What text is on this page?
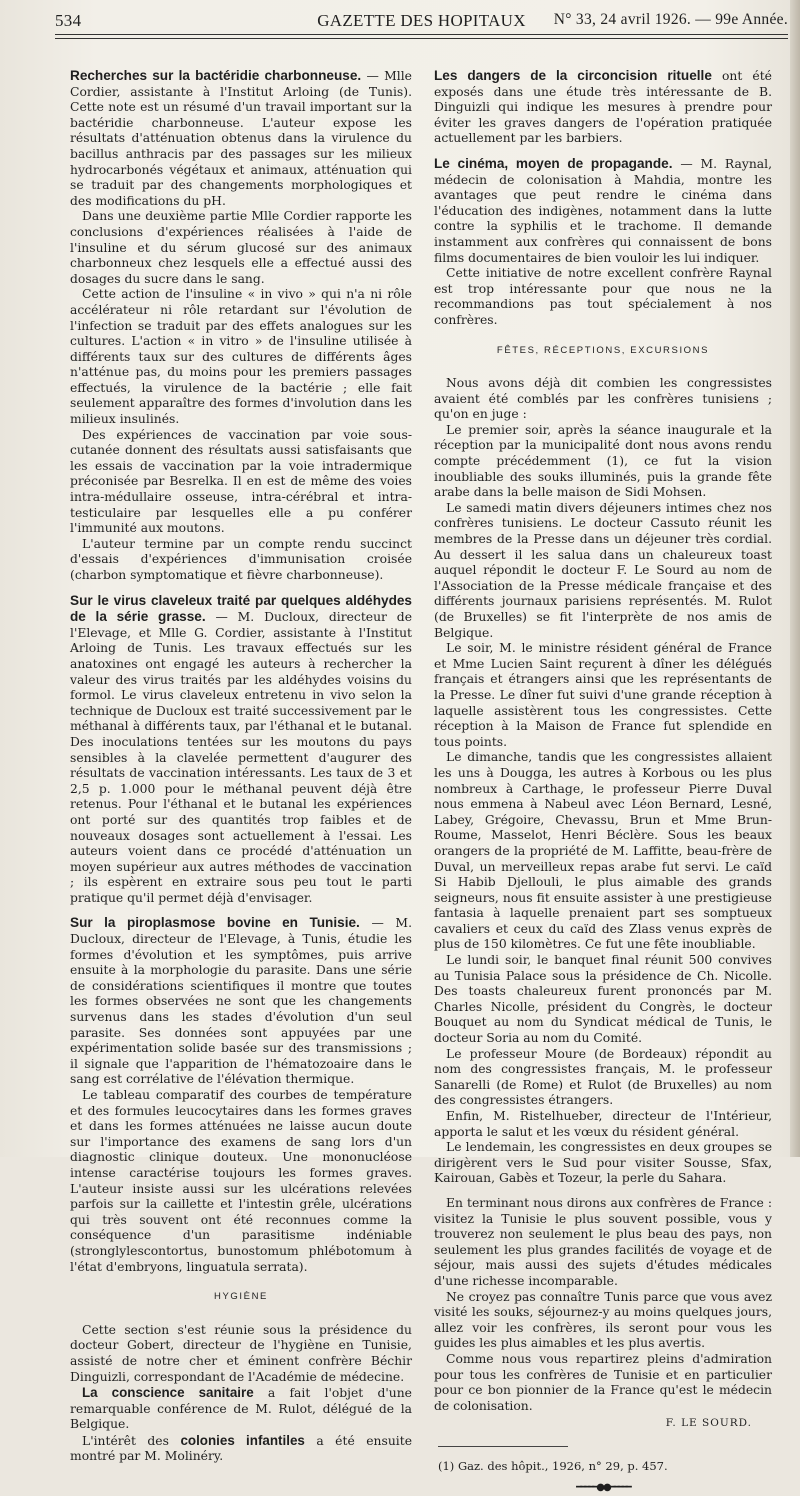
534	GAZETTE DES HOPITAUX	N° 33, 24 avril 1926. — 99e Année.

Recherches sur la bactéridie charbonneuse. — Mlle Cordier, assistante à l'Institut Arloing (de Tunis). Cette note est un résumé d'un travail important sur la bactéridie charbonneuse. L'auteur expose les résultats d'atténuation obtenus dans la virulence du bacillus anthracis par des passages sur les milieux hydrocarbonés végétaux et animaux, atténuation qui se traduit par des changements morphologiques et des modifications du pH.

Dans une deuxième partie Mlle Cordier rapporte les conclusions d'expériences réalisées à l'aide de l'insuline et du sérum glucosé sur des animaux charbonneux chez lesquels elle a effectué aussi des dosages du sucre dans le sang.

Cette action de l'insuline « in vivo » qui n'a ni rôle accélérateur ni rôle retardant sur l'évolution de l'infection se traduit par des effets analogues sur les cultures. L'action « in vitro » de l'insuline utilisée à différents taux sur des cultures de différents âges n'atténue pas, du moins pour les premiers passages effectués, la virulence de la bactérie ; elle fait seulement apparaître des formes d'involution dans les milieux insulinés.

Des expériences de vaccination par voie sous-cutanée donnent des résultats aussi satisfaisants que les essais de vaccination par la voie intradermique préconisée par Besrelka. Il en est de même des voies intra-médullaire osseuse, intra-cérébral et intra-testiculaire par lesquelles elle a pu conférer l'immunité aux moutons.

L'auteur termine par un compte rendu succinct d'essais d'expériences d'immunisation croisée (charbon symptomatique et fièvre charbonneuse).

Sur le virus claveleux traité par quelques aldéhydes de la série grasse. — M. Ducloux, directeur de l'Elevage, et Mlle G. Cordier, assistante à l'Institut Arloing de Tunis. Les travaux effectués sur les anatoxines ont engagé les auteurs à rechercher la valeur des virus traités par les aldéhydes voisins du formol. Le virus claveleux entretenu in vivo selon la technique de Ducloux est traité successivement par le méthanal à différents taux, par l'éthanal et le butanal. Des inoculations tentées sur les moutons du pays sensibles à la clavelée permettent d'augurer des résultats de vaccination intéressants. Les taux de 3 et 2,5 p. 1.000 pour le méthanal peuvent déjà être retenus. Pour l'éthanal et le butanal les expériences ont porté sur des quantités trop faibles et de nouveaux dosages sont actuellement à l'essai. Les auteurs voient dans ce procédé d'atténuation un moyen supérieur aux autres méthodes de vaccination ; ils espèrent en extraire sous peu tout le parti pratique qu'il permet déjà d'envisager.

Sur la piroplasmose bovine en Tunisie. — M. Ducloux, directeur de l'Elevage, à Tunis, étudie les formes d'évolution et les symptômes, puis arrive ensuite à la morphologie du parasite. Dans une série de considérations scientifiques il montre que toutes les formes observées ne sont que les changements survenus dans les stades d'évolution d'un seul parasite. Ses données sont appuyées par une expérimentation solide basée sur des transmissions ; il signale que l'apparition de l'hématozoaire dans le sang est corrélative de l'élévation thermique.

Le tableau comparatif des courbes de température et des formules leucocytaires dans les formes graves et dans les formes atténuées ne laisse aucun doute sur l'importance des examens de sang lors d'un diagnostic clinique douteux. Une mononucléose intense caractérise toujours les formes graves. L'auteur insiste aussi sur les ulcérations relevées parfois sur la caillette et l'intestin grêle, ulcérations qui très souvent ont été reconnues comme la conséquence d'un parasitisme indéniable (stronglylescontortus, bunostomum phlébotomum à l'état d'embryons, linguatula serrata).

HYGIÈNE

Cette section s'est réunie sous la présidence du docteur Gobert, directeur de l'hygiène en Tunisie, assisté de notre cher et éminent confrère Béchir Dinguizli, correspondant de l'Académie de médecine.

La conscience sanitaire a fait l'objet d'une remarquable conférence de M. Rulot, délégué de la Belgique.

L'intérêt des colonies infantiles a été ensuite montré par M. Molinéry.

Les dangers de la circoncision rituelle ont été exposés dans une étude très intéressante de B. Dinguizli qui indique les mesures à prendre pour éviter les graves dangers de l'opération pratiquée actuellement par les barbiers.

Le cinéma, moyen de propagande. — M. Raynal, médecin de colonisation à Mahdia, montre les avantages que peut rendre le cinéma dans l'éducation des indigènes, notamment dans la lutte contre la syphilis et le trachome. Il demande instamment aux confrères qui connaissent de bons films documentaires de bien vouloir les lui indiquer.

Cette initiative de notre excellent confrère Raynal est trop intéressante pour que nous ne la recommandions pas tout spécialement à nos confrères.

FÊTES, RÉCEPTIONS, EXCURSIONS

Nous avons déjà dit combien les congressistes avaient été comblés par les confrères tunisiens ; qu'on en juge :

Le premier soir, après la séance inaugurale et la réception par la municipalité dont nous avons rendu compte précédemment (1), ce fut la vision inoubliable des souks illuminés, puis la grande fête arabe dans la belle maison de Sidi Mohsen.

Le samedi matin divers déjeuners intimes chez nos confrères tunisiens. Le docteur Cassuto réunit les membres de la Presse dans un déjeuner très cordial. Au dessert il les salua dans un chaleureux toast auquel répondit le docteur F. Le Sourd au nom de l'Association de la Presse médicale française et des différents journaux parisiens représentés. M. Rulot (de Bruxelles) se fit l'interprète de nos amis de Belgique.

Le soir, M. le ministre résident général de France et Mme Lucien Saint reçurent à dîner les délégués français et étrangers ainsi que les représentants de la Presse. Le dîner fut suivi d'une grande réception à laquelle assistèrent tous les congressistes. Cette réception à la Maison de France fut splendide en tous points.

Le dimanche, tandis que les congressistes allaient les uns à Dougga, les autres à Korbous ou les plus nombreux à Carthage, le professeur Pierre Duval nous emmena à Nabeul avec Léon Bernard, Lesné, Labey, Grégoire, Chevassu, Brun et Mme Brun-Roume, Masselot, Henri Béclère. Sous les beaux orangers de la propriété de M. Laffitte, beau-frère de Duval, un merveilleux repas arabe fut servi. Le caïd Si Habib Djellouli, le plus aimable des grands seigneurs, nous fit ensuite assister à une prestigieuse fantasia à laquelle prenaient part ses somptueux cavaliers et ceux du caïd des Zlass venus exprès de plus de 150 kilomètres. Ce fut une fête inoubliable.

Le lundi soir, le banquet final réunit 500 convives au Tunisia Palace sous la présidence de Ch. Nicolle. Des toasts chaleureux furent prononcés par M. Charles Nicolle, président du Congrès, le docteur Bouquet au nom du Syndicat médical de Tunis, le docteur Soria au nom du Comité.

Le professeur Moure (de Bordeaux) répondit au nom des congressistes français, M. le professeur Sanarelli (de Rome) et Rulot (de Bruxelles) au nom des congressistes étrangers.

Enfin, M. Ristelhueber, directeur de l'Intérieur, apporta le salut et les vœux du résident général.

Le lendemain, les congressistes en deux groupes se dirigèrent vers le Sud pour visiter Sousse, Sfax, Kairouan, Gabès et Tozeur, la perle du Sahara.

En terminant nous dirons aux confrères de France : visitez la Tunisie le plus souvent possible, vous y trouverez non seulement le plus beau des pays, non seulement les plus grandes facilités de voyage et de séjour, mais aussi des sujets d'études médicales d'une richesse incomparable.

Ne croyez pas connaître Tunis parce que vous avez visité les souks, séjournez-y au moins quelques jours, allez voir les confrères, ils seront pour vous les guides les plus aimables et les plus avertis.

Comme nous vous repartirez pleins d'admiration pour tous les confrères de Tunisie et en particulier pour ce bon pionnier de la France qu'est le médecin de colonisation.

F. LE SOURD.

(1) Gaz. des hôpit., 1926, n° 29, p. 457.

━━━━━●●━━━━━
